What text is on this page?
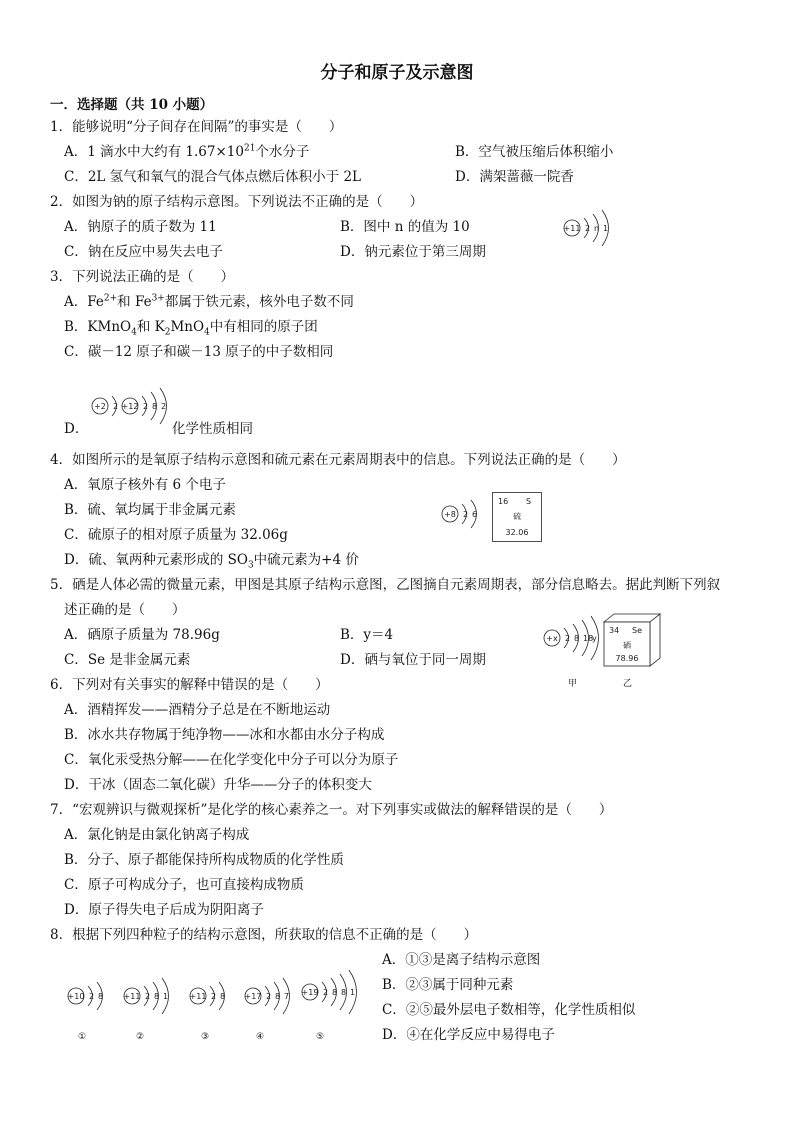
分子和原子及示意图
一．选择题（共 10 小题）
1．能够说明“分子间存在间隔”的事实是（　　）
A．1 滴水中大约有 $1.67\times 10^{21}$个水分子	B．空气被压缩后体积缩小
C．2L 氢气和氧气的混合气体点燃后体积小于 2L	D．满架蔷薇一院香
2．如图为钠的原子结构示意图。下列说法不正确的是（　　）
A．钠原子的质子数为 11	B．图中 n 的值为 10
C．钠在反应中易失去电子	D．钠元素位于第三周期
+11 2 n 1
3．下列说法正确的是（　　）
A．$Fe^{2+}$和 $Fe^{3+}$都属于铁元素，核外电子数不同
B．KMnO$_4$和 $K_2MnO_4$中有相同的原子团
C．碳－12 原子和碳－13 原子的中子数相同
+2 2 +12 2 8 2
D．	化学性质相同
4．如图所示的是氧原子结构示意图和硫元素在元素周期表中的信息。下列说法正确的是（　　）
A．氧原子核外有 6 个电子
B．硫、氧均属于非金属元素
C．硫原子的相对原子质量为 32.06g
D．硫、氧两种元素形成的 $SO_3$中硫元素为+4 价
+8 2 6
16 S
硫
32.06
5．硒是人体必需的微量元素，甲图是其原子结构示意图，乙图摘自元素周期表，部分信息略去。据此判断下列叙
述正确的是（　　）
A．硒原子质量为 78.96g	B．y＝4
C．Se 是非金属元素	D．硒与氧位于同一周期
+x 2 8 18
y
34 Se
硒
78.96
甲	乙
6．下列对有关事实的解释中错误的是（　　）
A．酒精挥发——酒精分子总是在不断地运动
B．冰水共存物属于纯净物——冰和水都由水分子构成
C．氧化汞受热分解——在化学变化中分子可以分为原子
D．干冰（固态二氧化碳）升华——分子的体积变大
7．“宏观辨识与微观探析”是化学的核心素养之一。对下列事实或做法的解释错误的是（　　）
A．氯化钠是由氯化钠离子构成
B．分子、原子都能保持所构成物质的化学性质
C．原子可构成分子，也可直接构成物质
D．原子得失电子后成为阴阳离子
8．根据下列四种粒子的结构示意图，所获取的信息不正确的是（　　）
A．①③是离子结构示意图
B．②③属于同种元素
C．②⑤最外层电子数相等，化学性质相似
D．④在化学反应中易得电子
+10 2 8	+11 2 8 1	+11 2 8 +17 2 8 7 +19 2 8 8 1
①	②	③	④	⑤
